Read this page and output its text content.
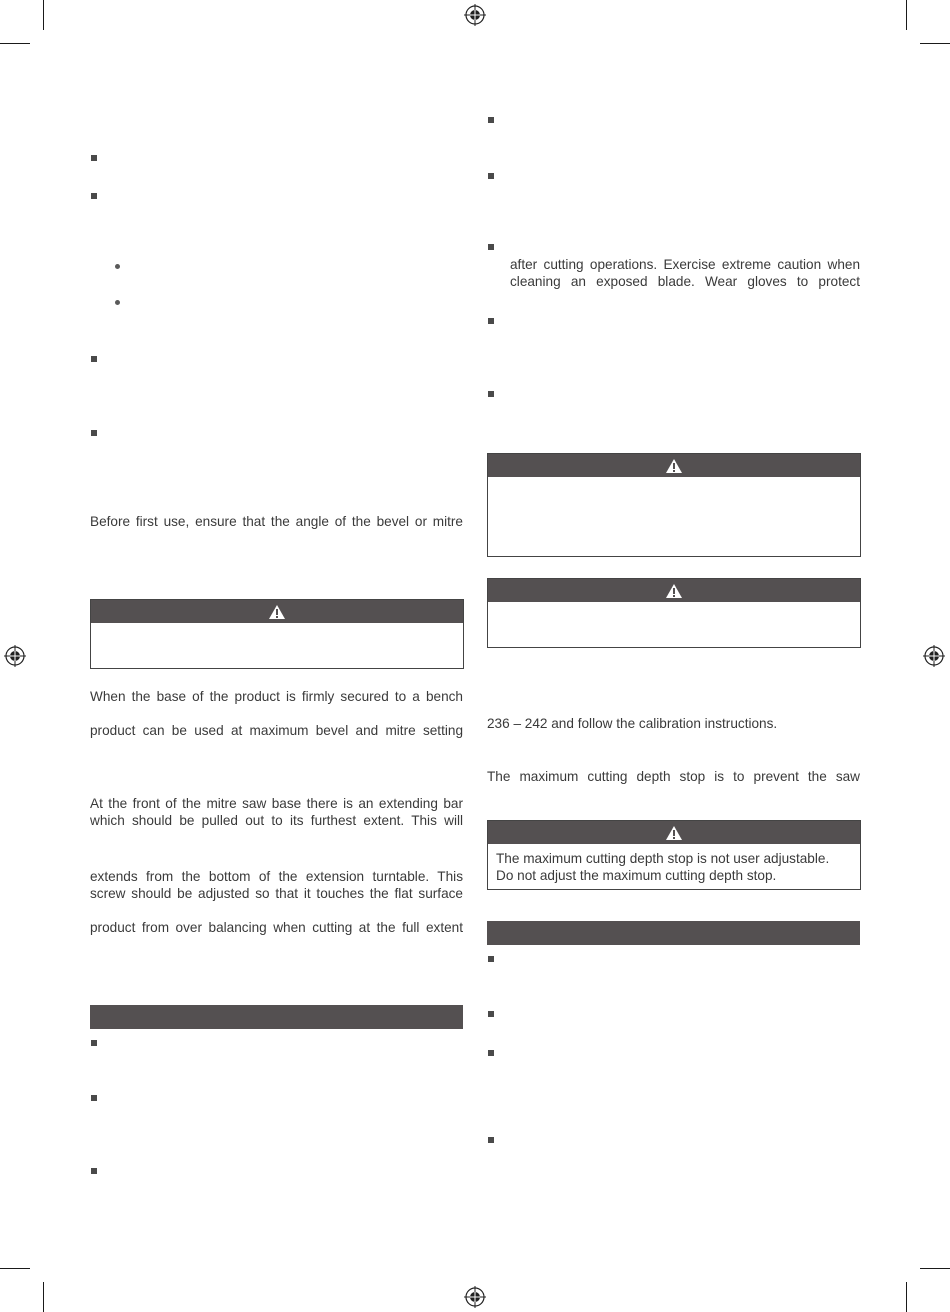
Before first use, ensure that the angle of the bevel or mitre
When the base of the product is firmly secured to a bench
product can be used at maximum bevel and mitre setting
At the front of the mitre saw base there is an extending bar
which should be pulled out to its furthest extent. This will
extends from the bottom of the extension turntable. This
screw should be adjusted so that it touches the flat surface
product from over balancing when cutting at the full extent
after cutting operations. Exercise extreme caution when
cleaning an exposed blade. Wear gloves to protect
236 – 242 and follow the calibration instructions.
The maximum cutting depth stop is to prevent the saw
The maximum cutting depth stop is not user adjustable.
Do not adjust the maximum cutting depth stop.
